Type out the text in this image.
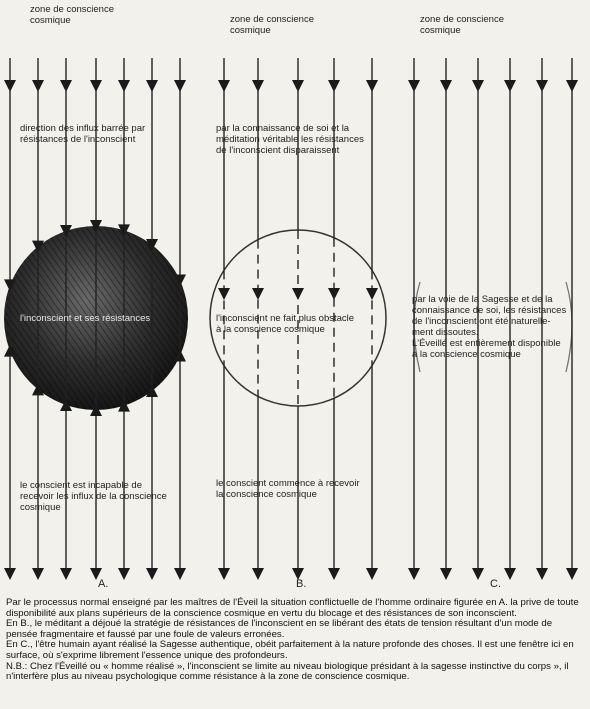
zone de conscience
cosmique	zone de conscience
cosmique
zone de conscience
cosmique
direction des influx barrée par
résistances de l'inconscient
l'inconscient et ses résistances
le conscient est incapable de
recevoir les influx de la conscience
cosmique
A.
par la connaissance de soi et la
méditation véritable les résistances
de l'inconscient disparaissent
l'inconscient ne fait plus obstacle
à la conscience cosmique
le conscient commence à recevoir
la conscience cosmique
B.
par la voie de la Sagesse et de la
connaissance de soi, les résistances
de l'inconscient ont été naturelle-
ment dissoutes.
L'Éveillé est entièrement disponible
à la conscience cosmique
C.

Par le processus normal enseigné par les maîtres de l'Éveil la situation conflictuelle de l'homme ordinaire figurée en A. la prive de toute disponibilité aux plans supérieurs de la conscience cosmique en vertu du blocage et des résistances de son inconscient.

En B., le méditant a déjoué la stratégie de résistances de l'inconscient en se libérant des états de tension résultant d'un mode de pensée fragmentaire et faussé par une foule de valeurs erronées.

En C., l'être humain ayant réalisé la Sagesse authentique, obéit parfaitement à la nature profonde des choses. Il est une fenêtre ici en surface, où s'exprime librement l'essence unique des profondeurs.

N.B.: Chez l'Éveillé ou « homme réalisé », l'inconscient se limite au niveau biologique présidant à la sagesse instinctive du corps », il n'interfère plus au niveau psychologique comme résistance à la zone de conscience cosmique.
